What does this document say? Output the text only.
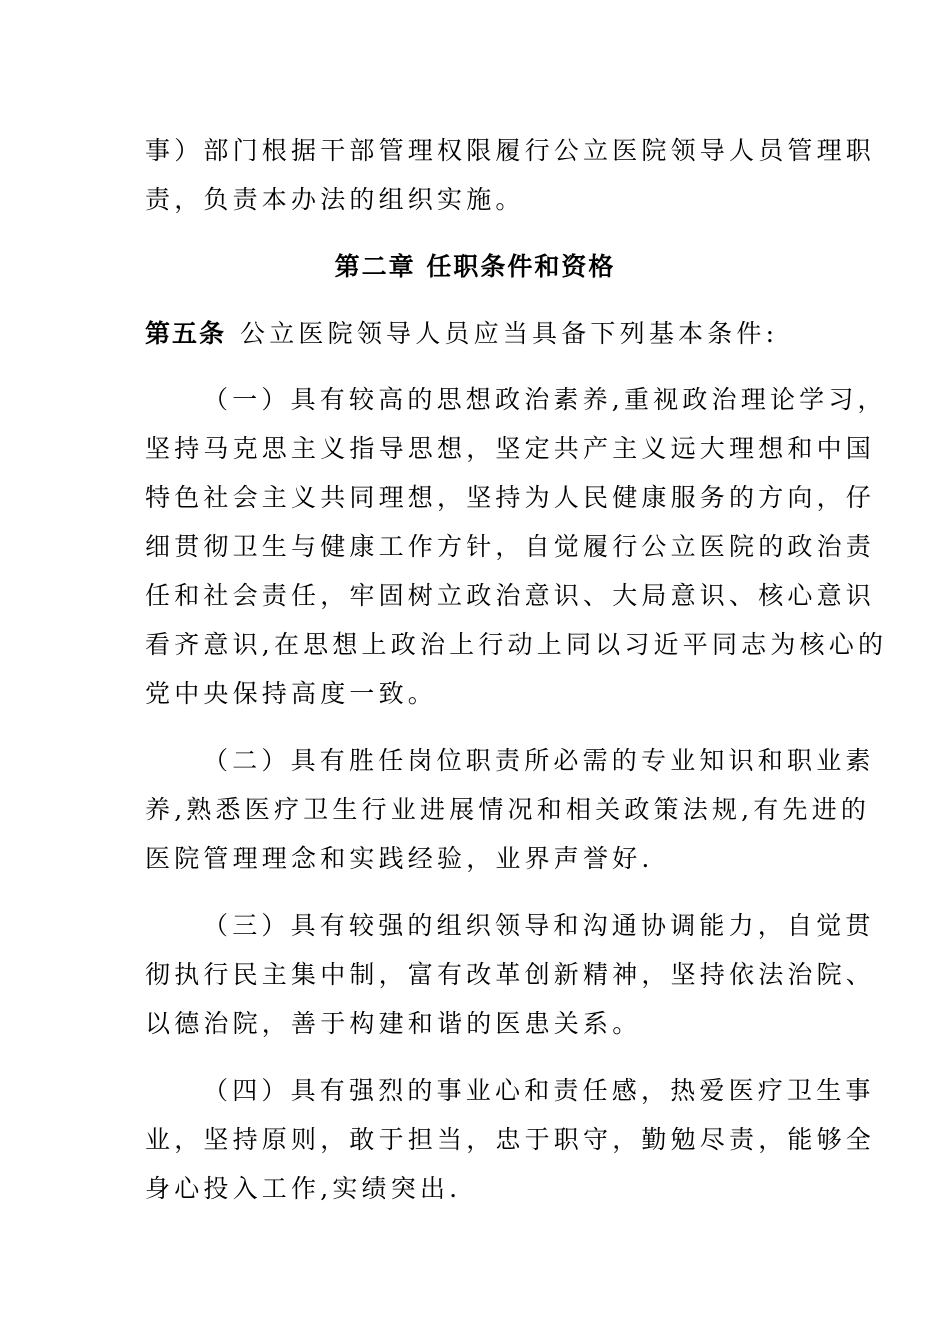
事）部门根据干部管理权限履行公立医院领导人员管理职
责，负责本办法的组织实施。
第二章 任职条件和资格
第五条 公立医院领导人员应当具备下列基本条件:
（一）具有较高的思想政治素养,重视政治理论学习，
坚持马克思主义指导思想，坚定共产主义远大理想和中国
特色社会主义共同理想，坚持为人民健康服务的方向，仔
细贯彻卫生与健康工作方针，自觉履行公立医院的政治责
任和社会责任，牢固树立政治意识、大局意识、核心意识
看齐意识,在思想上政治上行动上同以习近平同志为核心的
党中央保持高度一致。
（二）具有胜任岗位职责所必需的专业知识和职业素
养,熟悉医疗卫生行业进展情况和相关政策法规,有先进的
医院管理理念和实践经验，业界声誉好.
（三）具有较强的组织领导和沟通协调能力，自觉贯
彻执行民主集中制，富有改革创新精神，坚持依法治院、
以德治院，善于构建和谐的医患关系。
（四）具有强烈的事业心和责任感，热爱医疗卫生事
业，坚持原则，敢于担当，忠于职守，勤勉尽责，能够全
身心投入工作,实绩突出.
